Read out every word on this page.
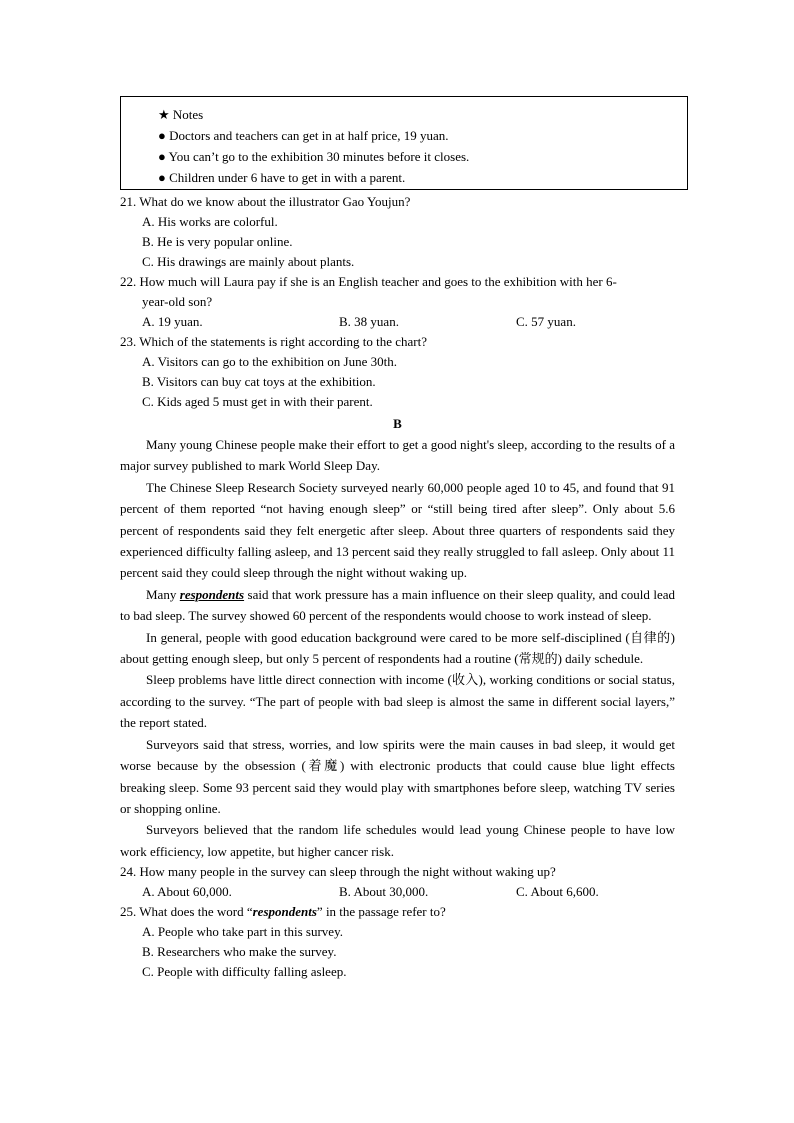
★ Notes
● Doctors and teachers can get in at half price, 19 yuan.
● You can’t go to the exhibition 30 minutes before it closes.
● Children under 6 have to get in with a parent.
21. What do we know about the illustrator Gao Youjun?
A. His works are colorful.
B. He is very popular online.
C. His drawings are mainly about plants.
22. How much will Laura pay if she is an English teacher and goes to the exhibition with her 6-
year-old son?
A. 19 yuan.	B. 38 yuan.	C. 57 yuan.
23. Which of the statements is right according to the chart?
A. Visitors can go to the exhibition on June 30th.
B. Visitors can buy cat toys at the exhibition.
C. Kids aged 5 must get in with their parent.
B

Many young Chinese people make their effort to get a good night's sleep, according to the results of a major survey published to mark World Sleep Day.

The Chinese Sleep Research Society surveyed nearly 60,000 people aged 10 to 45, and found that 91 percent of them reported “not having enough sleep” or “still being tired after sleep”. Only about 5.6 percent of respondents said they felt energetic after sleep. About three quarters of respondents said they experienced difficulty falling asleep, and 13 percent said they really struggled to fall asleep. Only about 11 percent said they could sleep through the night without waking up.

Many respondents said that work pressure has a main influence on their sleep quality, and could lead to bad sleep. The survey showed 60 percent of the respondents would choose to work instead of sleep.

In general, people with good education background were cared to be more self-disciplined (自律的) about getting enough sleep, but only 5 percent of respondents had a routine (常规的) daily schedule.

Sleep problems have little direct connection with income (收入), working conditions or social status, according to the survey. “The part of people with bad sleep is almost the same in different social layers,” the report stated.

Surveyors said that stress, worries, and low spirits were the main causes in bad sleep, it would get worse because by the obsession (着魔) with electronic products that could cause blue light effects breaking sleep. Some 93 percent said they would play with smartphones before sleep, watching TV series or shopping online.

Surveyors believed that the random life schedules would lead young Chinese people to have low work efficiency, low appetite, but higher cancer risk.

24. How many people in the survey can sleep through the night without waking up?
A. About 60,000.	B. About 30,000.	C. About 6,600.
25. What does the word “respondents” in the passage refer to?
A. People who take part in this survey.
B. Researchers who make the survey.
C. People with difficulty falling asleep.
